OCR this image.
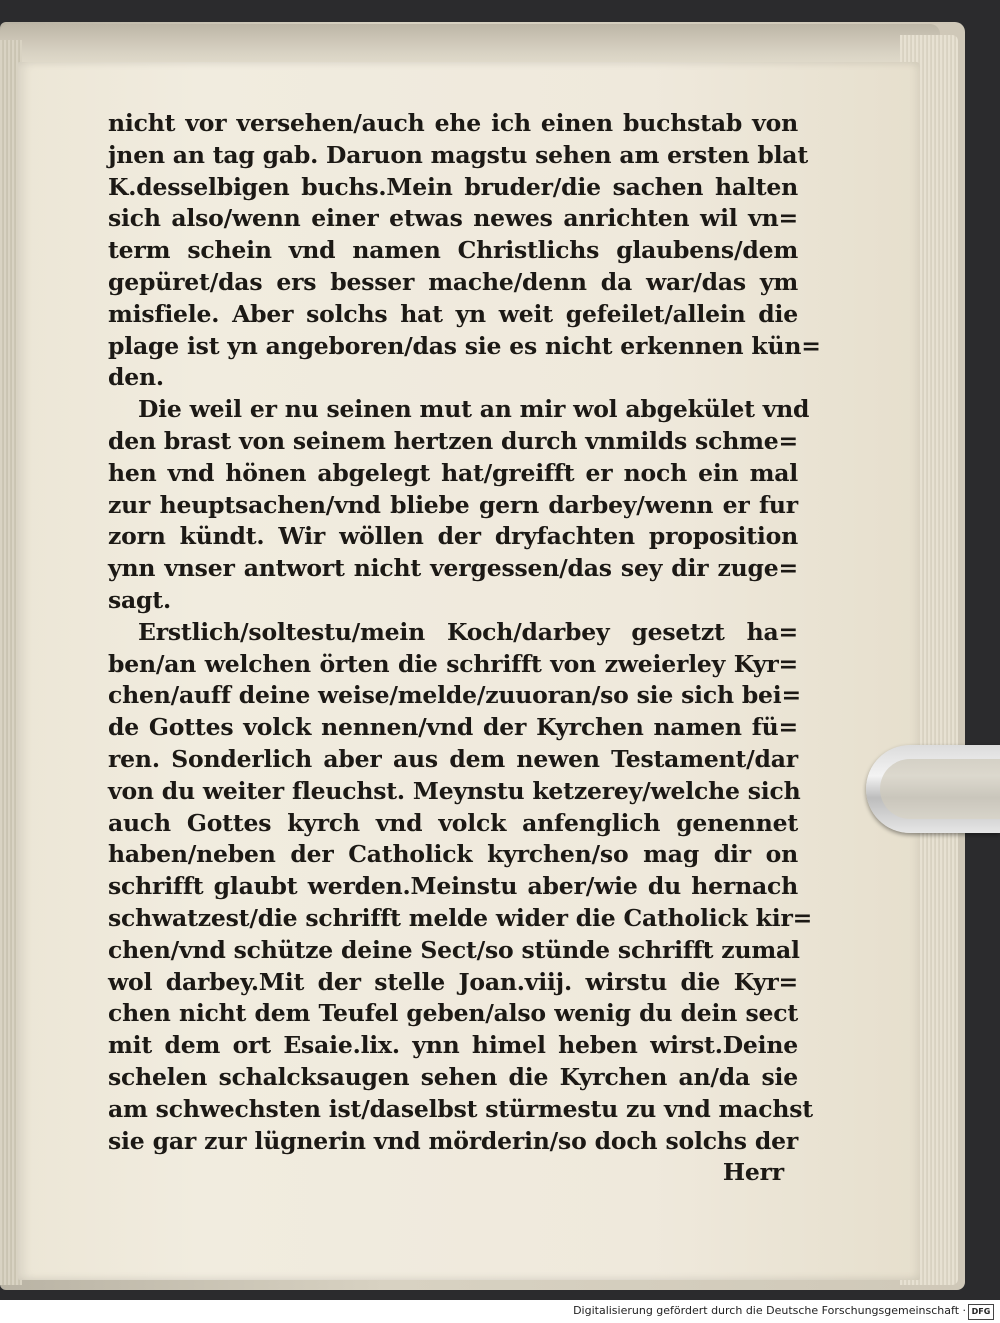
nicht vor versehen/auch ehe ich einen buchstab von
jnen an tag gab. Daruon magstu sehen am ersten blat
K.desselbigen buchs.Mein bruder/die sachen halten
sich also/wenn einer etwas newes anrichten wil vn=
term schein vnd namen Christlichs glaubens/dem
gepüret/das ers besser mache/denn da war/das ym
misfiele. Aber solchs hat yn weit gefeilet/allein die
plage ist yn angeboren/das sie es nicht erkennen kün=
den.
Die weil er nu seinen mut an mir wol abgekület vnd
den brast von seinem hertzen durch vnmilds schme=
hen vnd hönen abgelegt hat/greifft er noch ein mal
zur heuptsachen/vnd bliebe gern darbey/wenn er fur
zorn kündt. Wir wöllen der dryfachten proposition
ynn vnser antwort nicht vergessen/das sey dir zuge=
sagt.
Erstlich/soltestu/mein Koch/darbey gesetzt ha=
ben/an welchen örten die schrifft von zweierley Kyr=
chen/auff deine weise/melde/zuuoran/so sie sich bei=
de Gottes volck nennen/vnd der Kyrchen namen fü=
ren. Sonderlich aber aus dem newen Testament/dar
von du weiter fleuchst. Meynstu ketzerey/welche sich
auch Gottes kyrch vnd volck anfenglich genennet
haben/neben der Catholick kyrchen/so mag dir on
schrifft glaubt werden.Meinstu aber/wie du hernach
schwatzest/die schrifft melde wider die Catholick kir=
chen/vnd schütze deine Sect/so stünde schrifft zumal
wol darbey.Mit der stelle Joan.viij. wirstu die Kyr=
chen nicht dem Teufel geben/also wenig du dein sect
mit dem ort Esaie.lix. ynn himel heben wirst.Deine
schelen schalcksaugen sehen die Kyrchen an/da sie
am schwechsten ist/daselbst stürmestu zu vnd machst
sie gar zur lügnerin vnd mörderin/so doch solchs der
Herr
Digitalisierung gefördert durch die Deutsche Forschungsgemeinschaft · DFG
